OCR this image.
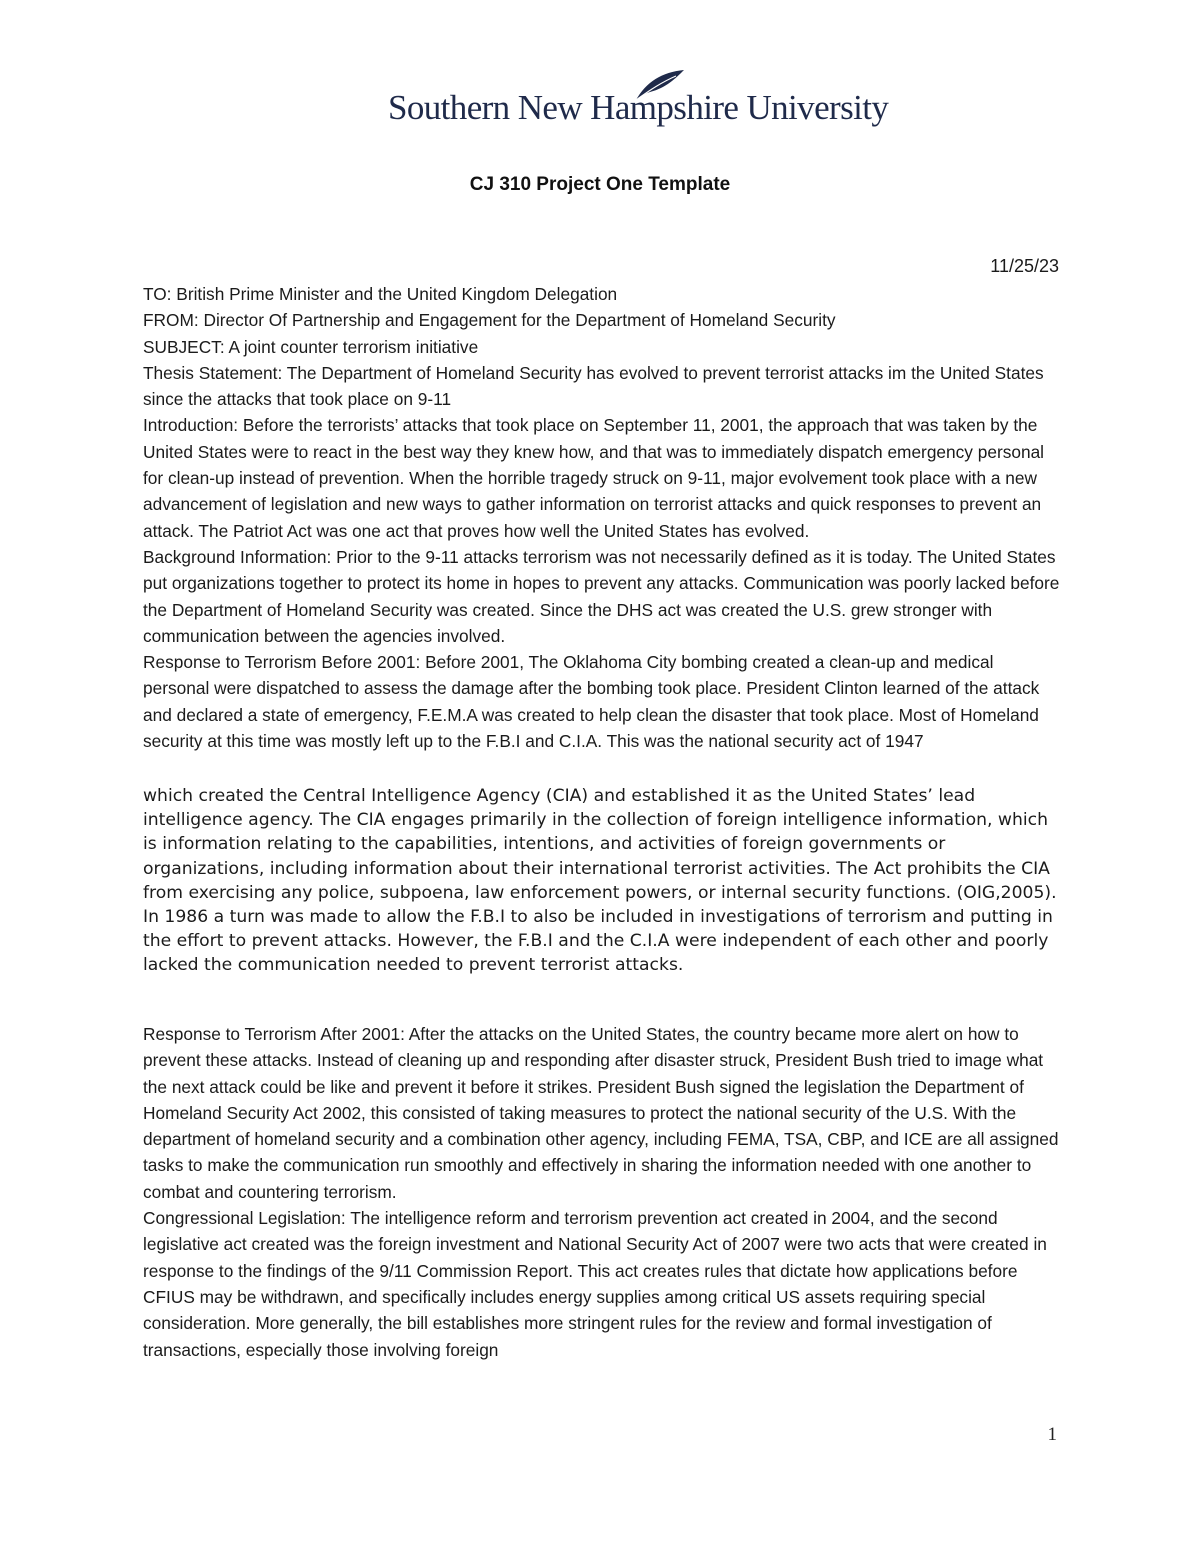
Southern New Hampshire University
CJ 310 Project One Template
11/25/23

TO: British Prime Minister and the United Kingdom Delegation

FROM: Director Of Partnership and Engagement for the Department of Homeland Security

SUBJECT: A joint counter terrorism initiative

Thesis Statement: The Department of Homeland Security has evolved to prevent terrorist attacks im the United States since the attacks that took place on 9-11

Introduction: Before the terrorists’ attacks that took place on September 11, 2001, the approach that was taken by the United States were to react in the best way they knew how, and that was to immediately dispatch emergency personal for clean-up instead of prevention. When the horrible tragedy struck on 9-11, major evolvement took place with a new advancement of legislation and new ways to gather information on terrorist attacks and quick responses to prevent an attack. The Patriot Act was one act that proves how well the United States has evolved.

Background Information: Prior to the 9-11 attacks terrorism was not necessarily defined as it is today. The United States put organizations together to protect its home in hopes to prevent any attacks. Communication was poorly lacked before the Department of Homeland Security was created. Since the DHS act was created the U.S. grew stronger with communication between the agencies involved.

Response to Terrorism Before 2001: Before 2001, The Oklahoma City bombing created a clean-up and medical personal were dispatched to assess the damage after the bombing took place. President Clinton learned of the attack and declared a state of emergency, F.E.M.A was created to help clean the disaster that took place. Most of Homeland security at this time was mostly left up to the F.B.I and C.I.A. This was the national security act of 1947

which created the Central Intelligence Agency (CIA) and established it as the United States’ lead intelligence agency. The CIA engages primarily in the collection of foreign intelligence information, which is information relating to the capabilities, intentions, and activities of foreign governments or organizations, including information about their international terrorist activities. The Act prohibits the CIA from exercising any police, subpoena, law enforcement powers, or internal security functions. (OIG,2005). In 1986 a turn was made to allow the F.B.I to also be included in investigations of terrorism and putting in the effort to prevent attacks. However, the F.B.I and the C.I.A were independent of each other and poorly lacked the communication needed to prevent terrorist attacks.

Response to Terrorism After 2001: After the attacks on the United States, the country became more alert on how to prevent these attacks. Instead of cleaning up and responding after disaster struck, President Bush tried to image what the next attack could be like and prevent it before it strikes. President Bush signed the legislation the Department of Homeland Security Act 2002, this consisted of taking measures to protect the national security of the U.S. With the department of homeland security and a combination other agency, including FEMA, TSA, CBP, and ICE are all assigned tasks to make the communication run smoothly and effectively in sharing the information needed with one another to combat and countering terrorism.

Congressional Legislation: The intelligence reform and terrorism prevention act created in 2004, and the second legislative act created was the foreign investment and National Security Act of 2007 were two acts that were created in response to the findings of the 9/11 Commission Report. This act creates rules that dictate how applications before CFIUS may be withdrawn, and specifically includes energy supplies among critical US assets requiring special consideration. More generally, the bill establishes more stringent rules for the review and formal investigation of transactions, especially those involving foreign

1
